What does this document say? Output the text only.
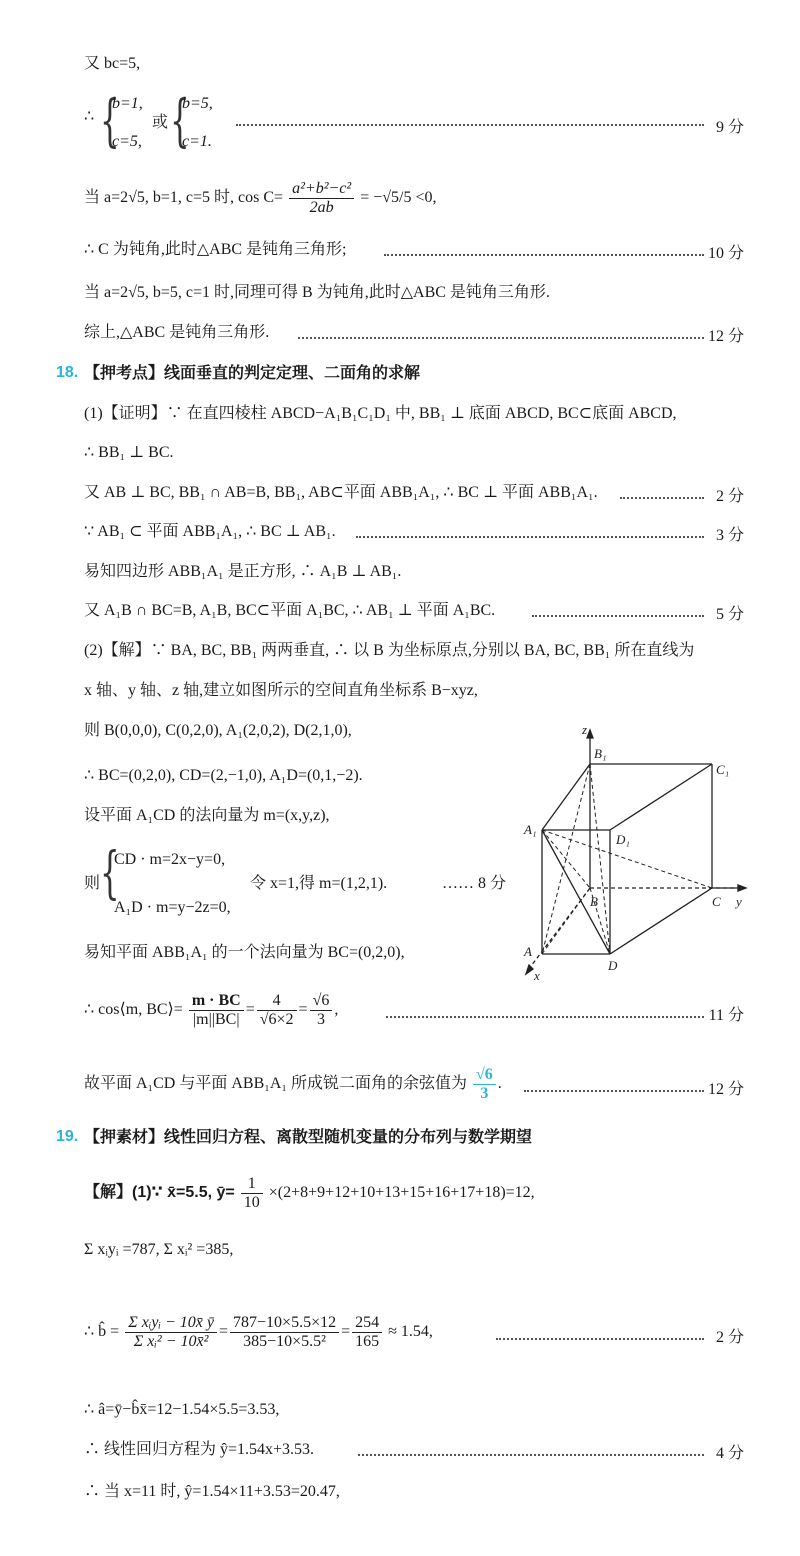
又 bc=5,
∴ {
b=1,
c=5,
或 {
b=5,
c=1.
9 分
当 a=2√5, b=1, c=5 时, $\cos C= \frac{\text{a²+b²−c²}}{2ab} = -√5/5 <0$,
∴ C 为钝角,此时△ABC 是钝角三角形;	10 分
当 a=2√5, b=5, c=1 时,同理可得 B 为钝角,此时△ABC 是钝角三角形.
综上,△ABC 是钝角三角形.	12 分
18. 【押考点】线面垂直的判定定理、二面角的求解
(1)【证明】∵ 在直四棱柱 ABCD−A₁B₁C₁D₁ 中, BB₁ ⊥ 底面 ABCD, BC⊂底面 ABCD,
∴ BB₁ ⊥ BC.
又 AB ⊥ BC, BB₁ ∩ AB=B, BB₁, AB⊂平面 ABB₁A₁, ∴ BC ⊥ 平面 ABB₁A₁.	2 分
∵ AB₁ ⊂ 平面 ABB₁A₁, ∴ BC ⊥ AB₁.	3 分
易知四边形 ABB₁A₁ 是正方形, ∴ A₁B ⊥ AB₁.
又 A₁B ∩ BC=B, A₁B, BC⊂平面 A₁BC, ∴ AB₁ ⊥ 平面 A₁BC.	5 分
(2)【解】∵ BA, BC, BB₁ 两两垂直, ∴ 以 B 为坐标原点,分别以 BA, BC, BB₁ 所在直线为
x 轴、y 轴、z 轴,建立如图所示的空间直角坐标系 B−xyz,
则 B(0,0,0), C(0,2,0), A₁(2,0,2), D(2,1,0),
∴ BC=(0,2,0), CD=(2,−1,0), A₁D=(0,1,−2).
设平面 A₁CD 的法向量为 m=(x,y,z),
则 {
CD · m=2x−y=0,
A₁D · m=y−2z=0,
令 x=1,得 m=(1,2,1).	…… 8 分
易知平面 ABB₁A₁ 的一个法向量为 BC=(0,2,0),
∴ cos⟨m, BC⟩= $\frac{m \cdot BC}{|m||BC|} = \frac{4}{√6\times 2} = \frac{√6}{3}$ ,	11 分
故平面 A₁CD 与平面 ABB₁A₁ 所成锐二面角的余弦值为 $\frac{√6}{3}$ .	12 分
19. 【押素材】线性回归方程、离散型随机变量的分布列与数学期望
【解】(1)∵ x̄=5.5, ȳ= $\frac{1}{10} \times(2+8+9+12+10+13+15+16+17+18)=12$,
Σ xᵢyᵢ =787, Σ xᵢ² =385,
∴ b̂ = $\frac{\text{Σ xᵢyᵢ − 10x̄ ȳ}}{\text{Σ xᵢ² − 10x̄²}} = \frac{787-10\times 5.5\times 12}{\text{385−10×5.5²}} = \frac{254}{165} \approx 1.54$,	2 分
∴ â=ȳ−b̂x̄=12−1.54×5.5=3.53,
∴ 线性回归方程为 ŷ=1.54x+3.53.	4 分
∴ 当 x=11 时, ŷ=1.54×11+3.53=20.47,
z
B₁
C₁
A₁
D₁
B	C y
A
D
x
